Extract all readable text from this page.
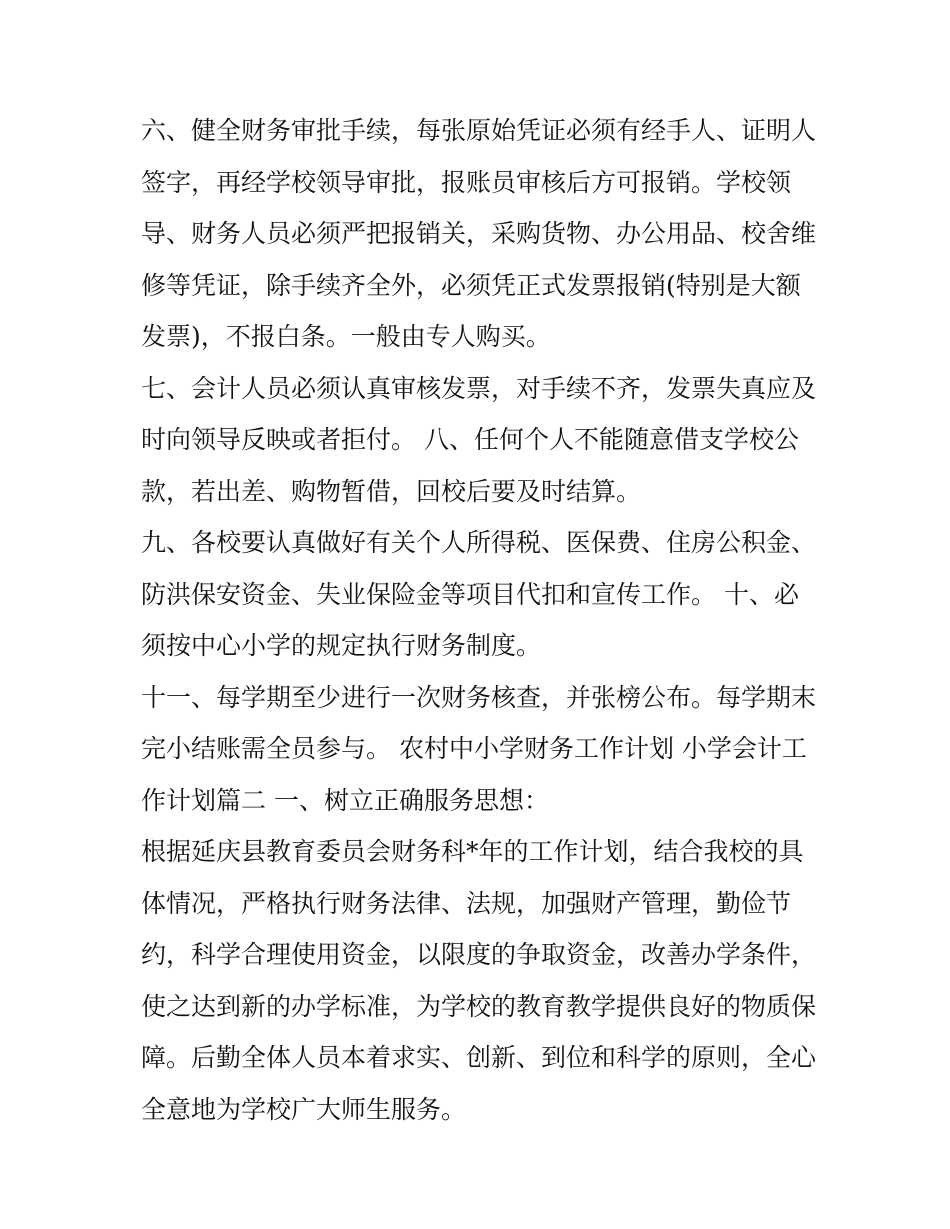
六、健全财务审批手续，每张原始凭证必须有经手人、证明人
签字，再经学校领导审批，报账员审核后方可报销。学校领
导、财务人员必须严把报销关，采购货物、办公用品、校舍维
修等凭证，除手续齐全外，必须凭正式发票报销(特别是大额
发票)，不报白条。一般由专人购买。
七、会计人员必须认真审核发票，对手续不齐，发票失真应及
时向领导反映或者拒付。 八、任何个人不能随意借支学校公
款，若出差、购物暂借，回校后要及时结算。
九、各校要认真做好有关个人所得税、医保费、住房公积金、
防洪保安资金、失业保险金等项目代扣和宣传工作。 十、必
须按中心小学的规定执行财务制度。
十一、每学期至少进行一次财务核查，并张榜公布。每学期末
完小结账需全员参与。 农村中小学财务工作计划 小学会计工
作计划篇二 一、树立正确服务思想：
根据延庆县教育委员会财务科*年的工作计划，结合我校的具
体情况，严格执行财务法律、法规，加强财产管理，勤俭节
约，科学合理使用资金，以限度的争取资金，改善办学条件，
使之达到新的办学标准，为学校的教育教学提供良好的物质保
障。后勤全体人员本着求实、创新、到位和科学的原则，全心
全意地为学校广大师生服务。
